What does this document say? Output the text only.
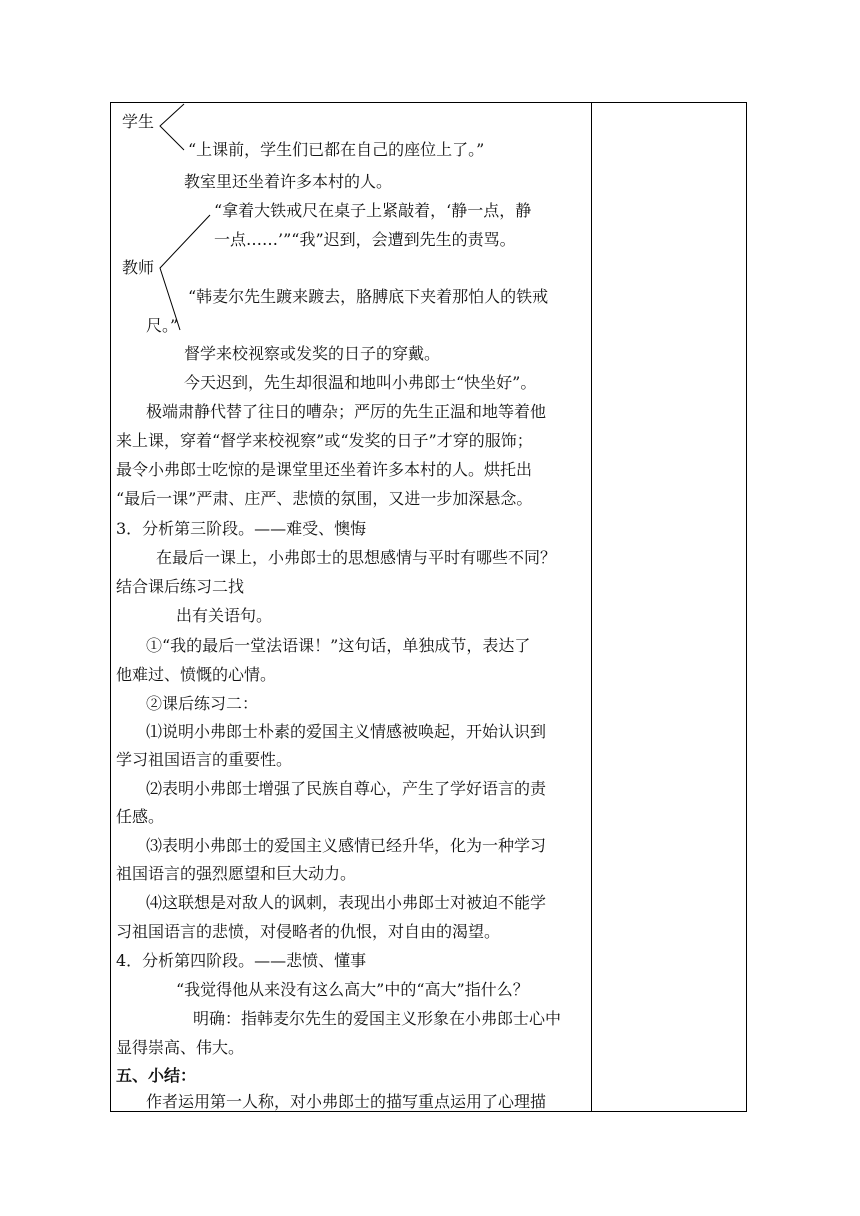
学生
教师
“上课前，学生们已都在自己的座位上了。”
教室里还坐着许多本村的人。
“拿着大铁戒尺在桌子上紧敲着，‘静一点，静
一点……’”“我”迟到，会遭到先生的责骂。
“韩麦尔先生踱来踱去，胳膊底下夹着那怕人的铁戒
尺。”
督学来校视察或发奖的日子的穿戴。
今天迟到，先生却很温和地叫小弗郎士“快坐好”。
极端肃静代替了往日的嘈杂；严厉的先生正温和地等着他
来上课，穿着“督学来校视察”或“发奖的日子”才穿的服饰；
最令小弗郎士吃惊的是课堂里还坐着许多本村的人。烘托出
“最后一课”严肃、庄严、悲愤的氛围，又进一步加深悬念。
3．分析第三阶段。——难受、懊悔
在最后一课上，小弗郎士的思想感情与平时有哪些不同？
结合课后练习二找
出有关语句。
①“我的最后一堂法语课！”这句话，单独成节，表达了
他难过、愤慨的心情。
②课后练习二：
⑴说明小弗郎士朴素的爱国主义情感被唤起，开始认识到
学习祖国语言的重要性。
⑵表明小弗郎士增强了民族自尊心，产生了学好语言的责
任感。
⑶表明小弗郎士的爱国主义感情已经升华，化为一种学习
祖国语言的强烈愿望和巨大动力。
⑷这联想是对敌人的讽刺，表现出小弗郎士对被迫不能学
习祖国语言的悲愤，对侵略者的仇恨，对自由的渴望。
4．分析第四阶段。——悲愤、懂事
“我觉得他从来没有这么高大”中的“高大”指什么？
明确：指韩麦尔先生的爱国主义形象在小弗郎士心中
显得崇高、伟大。
五、小结：
作者运用第一人称，对小弗郎士的描写重点运用了心理描
